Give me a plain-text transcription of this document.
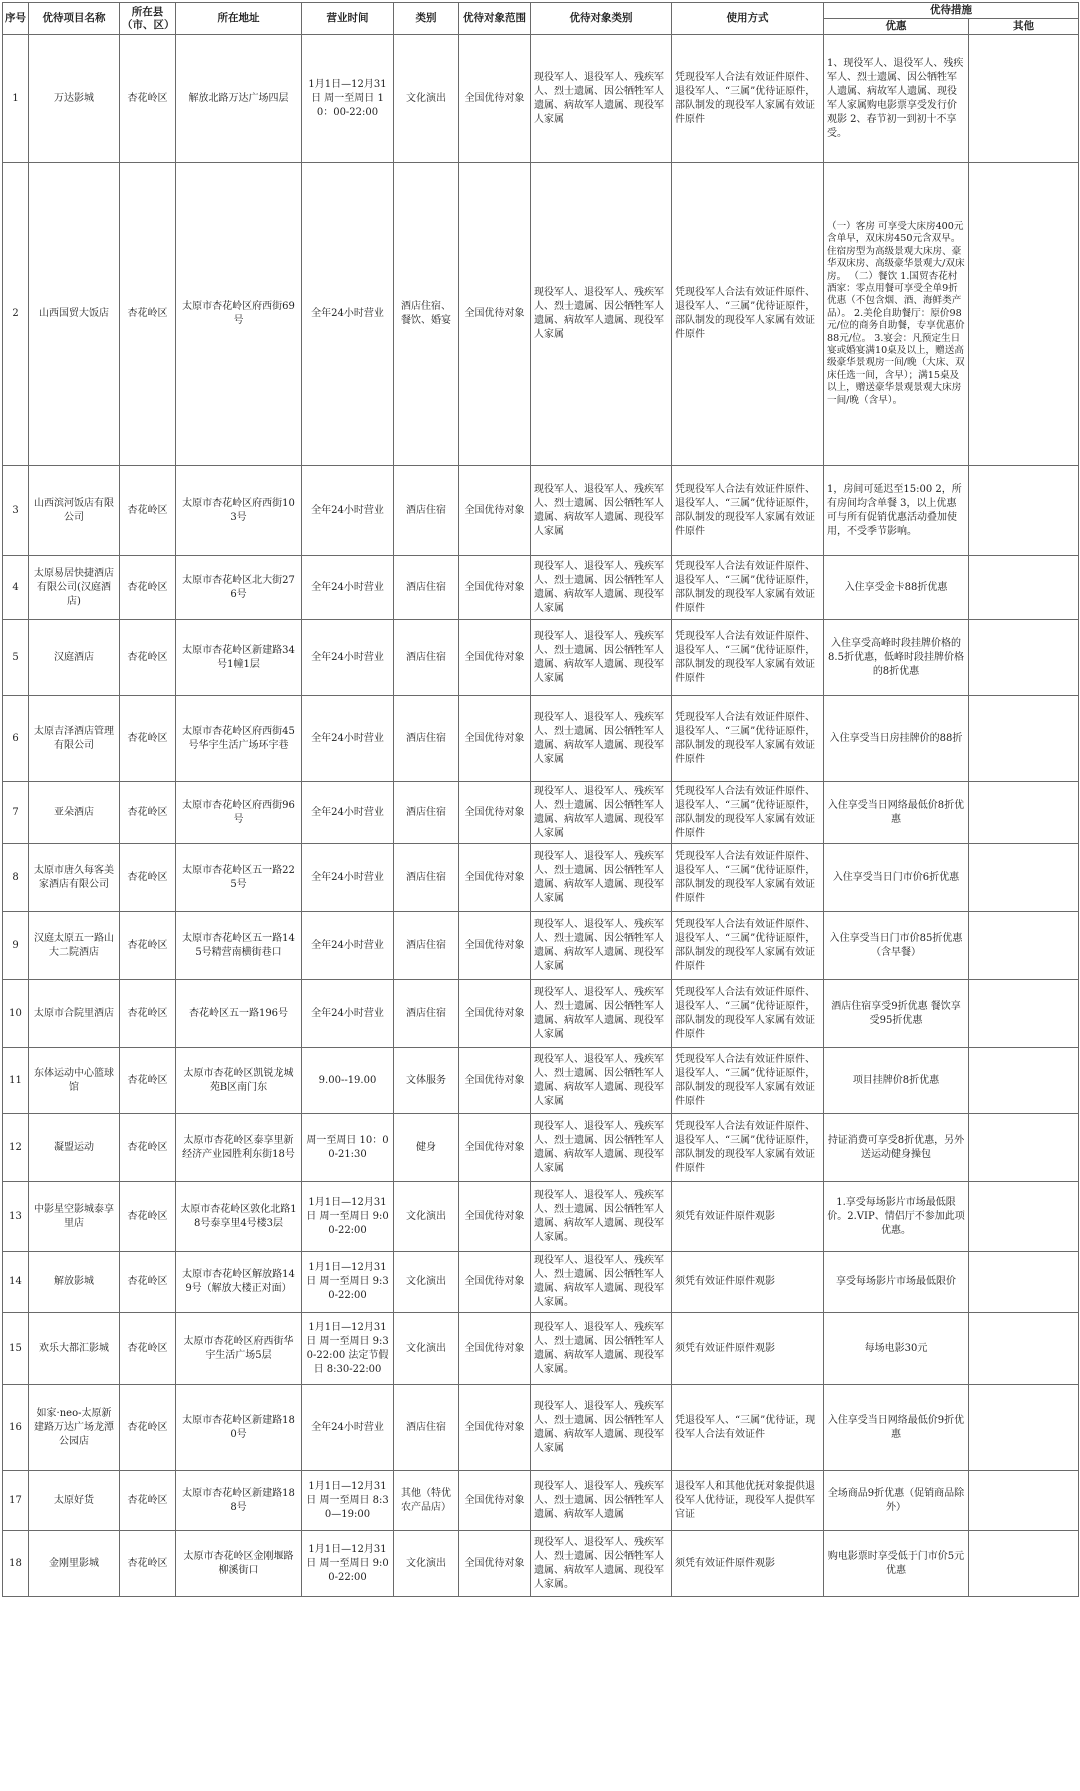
序号	优待项目名称	所在县（市、区）	所在地址	营业时间	类别	优待对象范围	优待对象类别	使用方式	优待措施	
									优惠	其他
1	万达影城	杏花岭区	解放北路万达广场四层	1月1日—12月31日 周一至周日 10：00-22:00	文化演出	全国优待对象	现役军人、退役军人、残疾军人、烈士遗属、因公牺牲军人遗属、病故军人遗属、现役军人家属	凭现役军人合法有效证件原件、退役军人、“三属”优待证原件，部队制发的现役军人家属有效证件原件	1、现役军人、退役军人、残疾军人、烈士遗属、因公牺牲军人遗属、病故军人遗属、现役军人家属购电影票享受发行价观影 2、春节初一到初十不享受。	
2	山西国贸大饭店	杏花岭区	太原市杏花岭区府西街69号	全年24小时营业	酒店住宿、餐饮、婚宴	全国优待对象	现役军人、退役军人、残疾军人、烈士遗属、因公牺牲军人遗属、病故军人遗属、现役军人家属	凭现役军人合法有效证件原件、退役军人、“三属”优待证原件，部队制发的现役军人家属有效证件原件	（一）客房 可享受大床房400元含单早，双床房450元含双早。住宿房型为高级景观大床房、豪华双床房、高级豪华景观大/双床房。 （二）餐饮 1.国贸杏花村酒家：零点用餐可享受全单9折优惠（不包含烟、酒、海鲜类产品）。 2.美伦自助餐厅：原价98元/位的商务自助餐，专享优惠价88元/位。 3.宴会：凡预定生日宴或婚宴满10桌及以上，赠送高级豪华景观房一间/晚（大床、双床任选一间，含早）；满15桌及以上，赠送豪华景观景观大床房一间/晚（含早）。	
3	山西滨河饭店有限公司	杏花岭区	太原市杏花岭区府西街103号	全年24小时营业	酒店住宿	全国优待对象	现役军人、退役军人、残疾军人、烈士遗属、因公牺牲军人遗属、病故军人遗属、现役军人家属	凭现役军人合法有效证件原件、退役军人、“三属”优待证原件，部队制发的现役军人家属有效证件原件	1，房间可延迟至15:00 2，所有房间均含单餐 3，以上优惠可与所有促销优惠活动叠加使用，不受季节影响。	
4	太原易居快捷酒店有限公司(汉庭酒店)	杏花岭区	太原市杏花岭区北大街276号	全年24小时营业	酒店住宿	全国优待对象	现役军人、退役军人、残疾军人、烈士遗属、因公牺牲军人遗属、病故军人遗属、现役军人家属	凭现役军人合法有效证件原件、退役军人、“三属”优待证原件，部队制发的现役军人家属有效证件原件	入住享受金卡88折优惠	
5	汉庭酒店	杏花岭区	太原市杏花岭区新建路34号1幢1层	全年24小时营业	酒店住宿	全国优待对象	现役军人、退役军人、残疾军人、烈士遗属、因公牺牲军人遗属、病故军人遗属、现役军人家属	凭现役军人合法有效证件原件、退役军人、“三属”优待证原件，部队制发的现役军人家属有效证件原件	入住享受高峰时段挂牌价格的8.5折优惠，低峰时段挂牌价格的8折优惠	
6	太原吉泽酒店管理有限公司	杏花岭区	太原市杏花岭区府西街45号华宇生活广场环宇巷	全年24小时营业	酒店住宿	全国优待对象	现役军人、退役军人、残疾军人、烈士遗属、因公牺牲军人遗属、病故军人遗属、现役军人家属	凭现役军人合法有效证件原件、退役军人、“三属”优待证原件，部队制发的现役军人家属有效证件原件	入住享受当日房挂牌价的88折	
7	亚朵酒店	杏花岭区	太原市杏花岭区府西街96号	全年24小时营业	酒店住宿	全国优待对象	现役军人、退役军人、残疾军人、烈士遗属、因公牺牲军人遗属、病故军人遗属、现役军人家属	凭现役军人合法有效证件原件、退役军人、“三属”优待证原件，部队制发的现役军人家属有效证件原件	入住享受当日网络最低价8折优惠	
8	太原市唐久每客美家酒店有限公司	杏花岭区	太原市杏花岭区五一路225号	全年24小时营业	酒店住宿	全国优待对象	现役军人、退役军人、残疾军人、烈士遗属、因公牺牲军人遗属、病故军人遗属、现役军人家属	凭现役军人合法有效证件原件、退役军人、“三属”优待证原件，部队制发的现役军人家属有效证件原件	入住享受当日门市价6折优惠	
9	汉庭太原五一路山大二院酒店	杏花岭区	太原市杏花岭区五一路145号精营南横街巷口	全年24小时营业	酒店住宿	全国优待对象	现役军人、退役军人、残疾军人、烈士遗属、因公牺牲军人遗属、病故军人遗属、现役军人家属	凭现役军人合法有效证件原件、退役军人、“三属”优待证原件，部队制发的现役军人家属有效证件原件	入住享受当日门市价85折优惠（含早餐）	
10	太原市合院里酒店	杏花岭区	杏花岭区五一路196号	全年24小时营业	酒店住宿	全国优待对象	现役军人、退役军人、残疾军人、烈士遗属、因公牺牲军人遗属、病故军人遗属、现役军人家属	凭现役军人合法有效证件原件、退役军人、“三属”优待证原件，部队制发的现役军人家属有效证件原件	酒店住宿享受9折优惠 餐饮享受95折优惠	
11	东体运动中心篮球馆	杏花岭区	太原市杏花岭区凯锐龙城苑B区南门东	9.00--19.00	文体服务	全国优待对象	现役军人、退役军人、残疾军人、烈士遗属、因公牺牲军人遗属、病故军人遗属、现役军人家属	凭现役军人合法有效证件原件、退役军人、“三属”优待证原件，部队制发的现役军人家属有效证件原件	项目挂牌价8折优惠	
12	凝盟运动	杏花岭区	太原市杏花岭区泰享里新经济产业园胜利东街18号	周一至周日 10：00-21:30	健身	全国优待对象	现役军人、退役军人、残疾军人、烈士遗属、因公牺牲军人遗属、病故军人遗属、现役军人家属	凭现役军人合法有效证件原件、退役军人、“三属”优待证原件，部队制发的现役军人家属有效证件原件	持证消费可享受8折优惠，另外送运动健身操包	
13	中影星空影城泰享里店	杏花岭区	太原市杏花岭区敦化北路18号泰享里4号楼3层	1月1日—12月31日 周一至周日 9:00-22:00	文化演出	全国优待对象	现役军人、退役军人、残疾军人、烈士遗属、因公牺牲军人遗属、病故军人遗属、现役军人家属。	须凭有效证件原件观影	1.享受每场影片市场最低限价。2.VIP、情侣厅不参加此项优惠。	
14	解放影城	杏花岭区	太原市杏花岭区解放路149号（解放大楼正对面）	1月1日—12月31日 周一至周日 9:30-22:00	文化演出	全国优待对象	现役军人、退役军人、残疾军人、烈士遗属、因公牺牲军人遗属、病故军人遗属、现役军人家属。	须凭有效证件原件观影	享受每场影片市场最低限价	
15	欢乐大都汇影城	杏花岭区	太原市杏花岭区府西街华宇生活广场5层	1月1日—12月31日 周一至周日 9:30-22:00 法定节假日 8:30-22:00	文化演出	全国优待对象	现役军人、退役军人、残疾军人、烈士遗属、因公牺牲军人遗属、病故军人遗属、现役军人家属。	须凭有效证件原件观影	每场电影30元	
16	如家·neo-太原新建路万达广场龙潭公园店	杏花岭区	太原市杏花岭区新建路180号	全年24小时营业	酒店住宿	全国优待对象	现役军人、退役军人、残疾军人、烈士遗属、因公牺牲军人遗属、病故军人遗属、现役军人家属	凭退役军人、“三属”优待证，现役军人合法有效证件	入住享受当日网络最低价9折优惠	
17	太原好货	杏花岭区	太原市杏花岭区新建路188号	1月1日—12月31日 周一至周日 8:30—19:00	其他（特优农产品店）	全国优待对象	现役军人、退役军人、残疾军人、烈士遗属、因公牺牲军人遗属、病故军人遗属	退役军人和其他优抚对象提供退役军人优待证，现役军人提供军官证	全场商品9折优惠（促销商品除外）	
18	金刚里影城	杏花岭区	太原市杏花岭区金刚堰路柳溪街口	1月1日—12月31日 周一至周日 9:00-22:00	文化演出	全国优待对象	现役军人、退役军人、残疾军人、烈士遗属、因公牺牲军人遗属、病故军人遗属、现役军人家属。	须凭有效证件原件观影	购电影票时享受低于门市价5元优惠	
